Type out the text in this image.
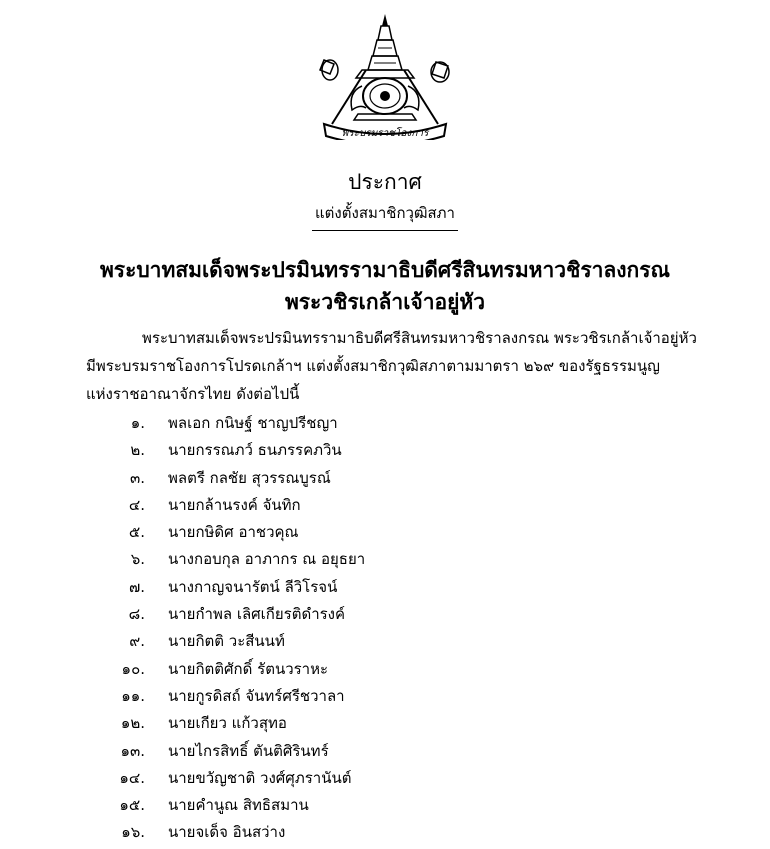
พระบรมราชโองการ
ประกาศ
แต่งตั้งสมาชิกวุฒิสภา
พระบาทสมเด็จพระปรมินทรรามาธิบดีศรีสินทรมหาวชิราลงกรณ
พระวชิรเกล้าเจ้าอยู่หัว
พระบาทสมเด็จพระปรมินทรรามาธิบดีศรีสินทรมหาวชิราลงกรณ พระวชิรเกล้าเจ้าอยู่หัว
มีพระบรมราชโองการโปรดเกล้าฯ แต่งตั้งสมาชิกวุฒิสภาตามมาตรา ๒๖๙ ของรัฐธรรมนูญ
แห่งราชอาณาจักรไทย ดังต่อไปนี้
๑. พลเอก กนิษฐ์ ชาญปรีชญา
๒. นายกรรณภว์ ธนภรรคภวิน
๓. พลตรี กลชัย สุวรรณบูรณ์
๔. นายกล้านรงค์ จันทิก
๕. นายกษิดิศ อาชวคุณ
๖. นางกอบกุล อาภากร ณ อยุธยา
๗. นางกาญจนารัตน์ ลีวิโรจน์
๘. นายกำพล เลิศเกียรติดำรงค์
๙. นายกิตติ วะสีนนท์
๑๐. นายกิตติศักดิ์ รัตนวราหะ
๑๑. นายกูรดิสถ์ จันทร์ศรีชวาลา
๑๒. นายเกียว แก้วสุทอ
๑๓. นายไกรสิทธิ์ ตันติศิรินทร์
๑๔. นายขวัญชาติ วงศ์ศุภรานันต์
๑๕. นายคำนูณ สิทธิสมาน
๑๖. นายจเด็จ อินสว่าง
